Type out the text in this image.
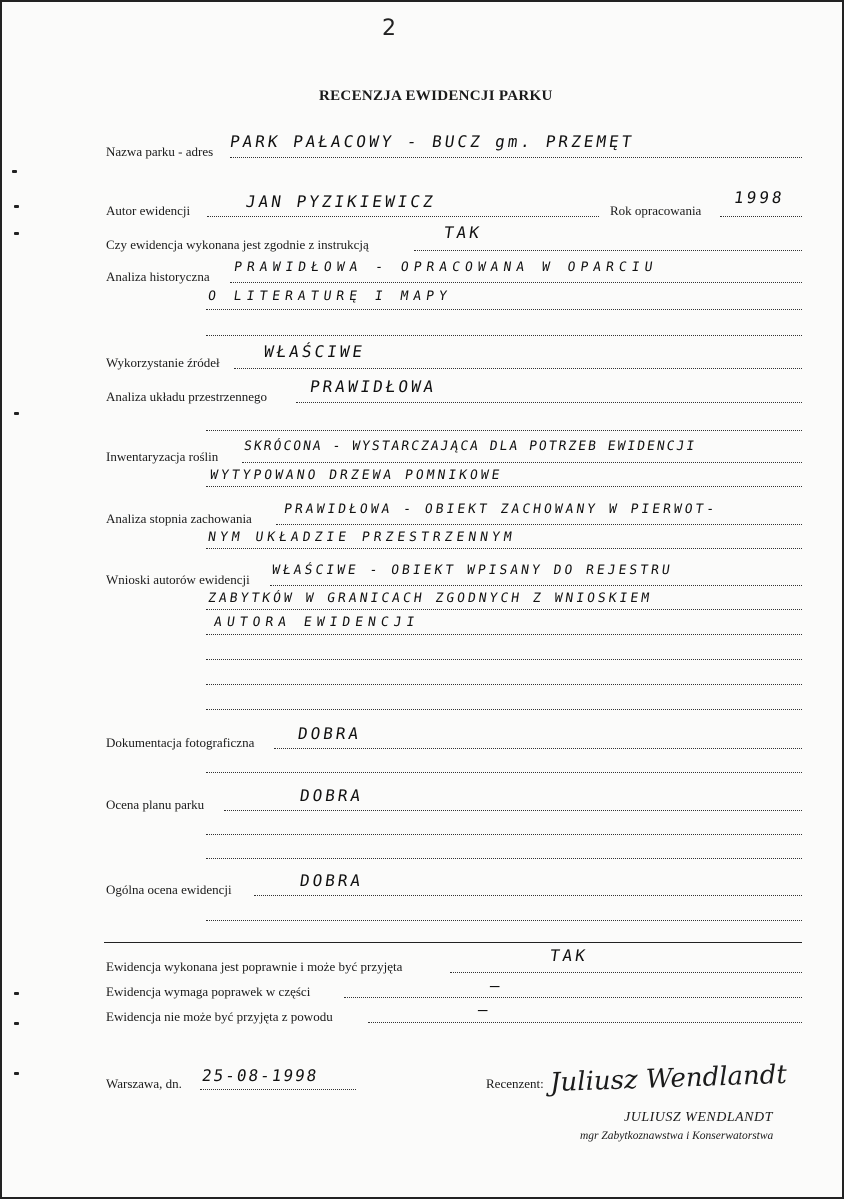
2
RECENZJA EWIDENCJI PARKU
Nazwa parku - adres
PARK PAŁACOWY - BUCZ gm. PRZEMĘT
Autor ewidencji	JAN PYZIKIEWICZ	Rok opracowania
1998
Czy ewidencja wykonana jest zgodnie z instrukcją
TAK
Analiza historyczna
PRAWIDŁOWA - OPRACOWANA W OPARCIU
O LITERATURĘ I MAPY
Wykorzystanie źródeł
WŁAŚCIWE
Analiza układu przestrzennego
PRAWIDŁOWA
Inwentaryzacja roślin
SKRÓCONA - WYSTARCZAJĄCA DLA POTRZEB EWIDENCJI
WYTYPOWANO DRZEWA POMNIKOWE
Analiza stopnia zachowania
PRAWIDŁOWA - OBIEKT ZACHOWANY W PIERWOT-
NYM UKŁADZIE PRZESTRZENNYM
Wnioski autorów ewidencji
WŁAŚCIWE - OBIEKT WPISANY DO REJESTRU
ZABYTKÓW W GRANICACH ZGODNYCH Z WNIOSKIEM
AUTORA EWIDENCJI
Dokumentacja fotograficzna	DOBRA
Ocena planu parku	DOBRA
Ogólna ocena ewidencji	DOBRA
Ewidencja wykonana jest poprawnie i może być przyjęta
TAK
Ewidencja wymaga poprawek w części	—
Ewidencja nie może być przyjęta z powodu	—
Warszawa, dn. 25-08-1998	Recenzent: Juliusz Wendlandt
JULIUSZ WENDLANDT
mgr Zabytkoznawstwa i Konserwatorstwa
